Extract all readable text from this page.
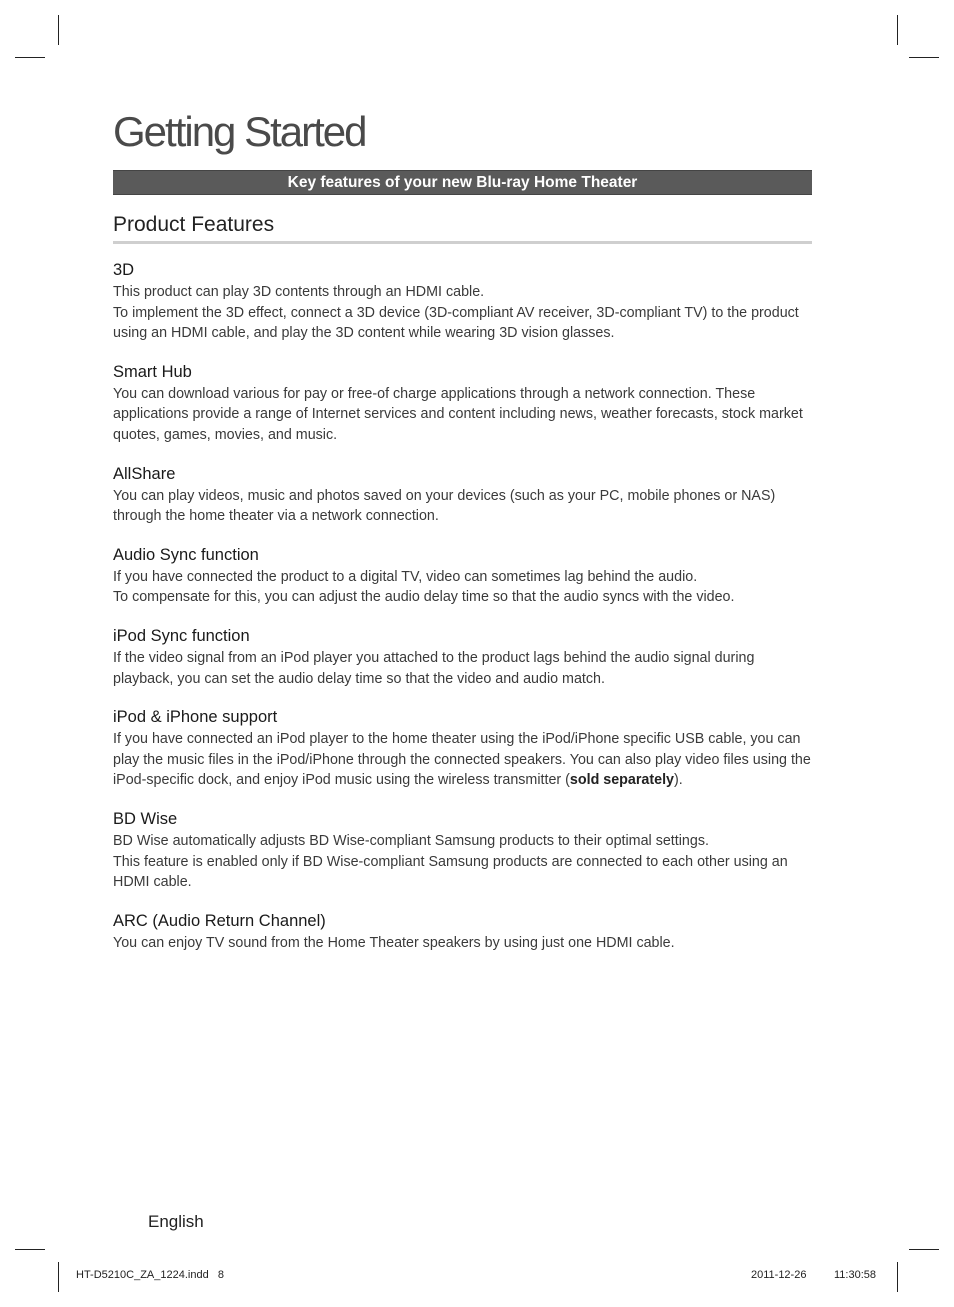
Getting Started
Key features of your new Blu-ray Home Theater
Product Features
3D

This product can play 3D contents through an HDMI cable.

To implement the 3D effect, connect a 3D device (3D-compliant AV receiver, 3D-compliant TV) to the product using an HDMI cable, and play the 3D content while wearing 3D vision glasses.

Smart Hub

You can download various for pay or free-of charge applications through a network connection. These applications provide a range of Internet services and content including news, weather forecasts, stock market quotes, games, movies, and music.

AllShare

You can play videos, music and photos saved on your devices (such as your PC, mobile phones or NAS) through the home theater via a network connection.

Audio Sync function

If you have connected the product to a digital TV, video can sometimes lag behind the audio.

To compensate for this, you can adjust the audio delay time so that the audio syncs with the video.

iPod Sync function

If the video signal from an iPod player you attached to the product lags behind the audio signal during playback, you can set the audio delay time so that the video and audio match.

iPod & iPhone support

If you have connected an iPod player to the home theater using the iPod/iPhone specific USB cable, you can play the music files in the iPod/iPhone through the connected speakers. You can also play video files using the iPod-specific dock, and enjoy iPod music using the wireless transmitter (sold separately).

BD Wise

BD Wise automatically adjusts BD Wise-compliant Samsung products to their optimal settings.

This feature is enabled only if BD Wise-compliant Samsung products are connected to each other using an HDMI cable.

ARC (Audio Return Channel)

You can enjoy TV sound from the Home Theater speakers by using just one HDMI cable.

English
HT-D5210C_ZA_1224.indd   8	2011-12-26	11:30:58
